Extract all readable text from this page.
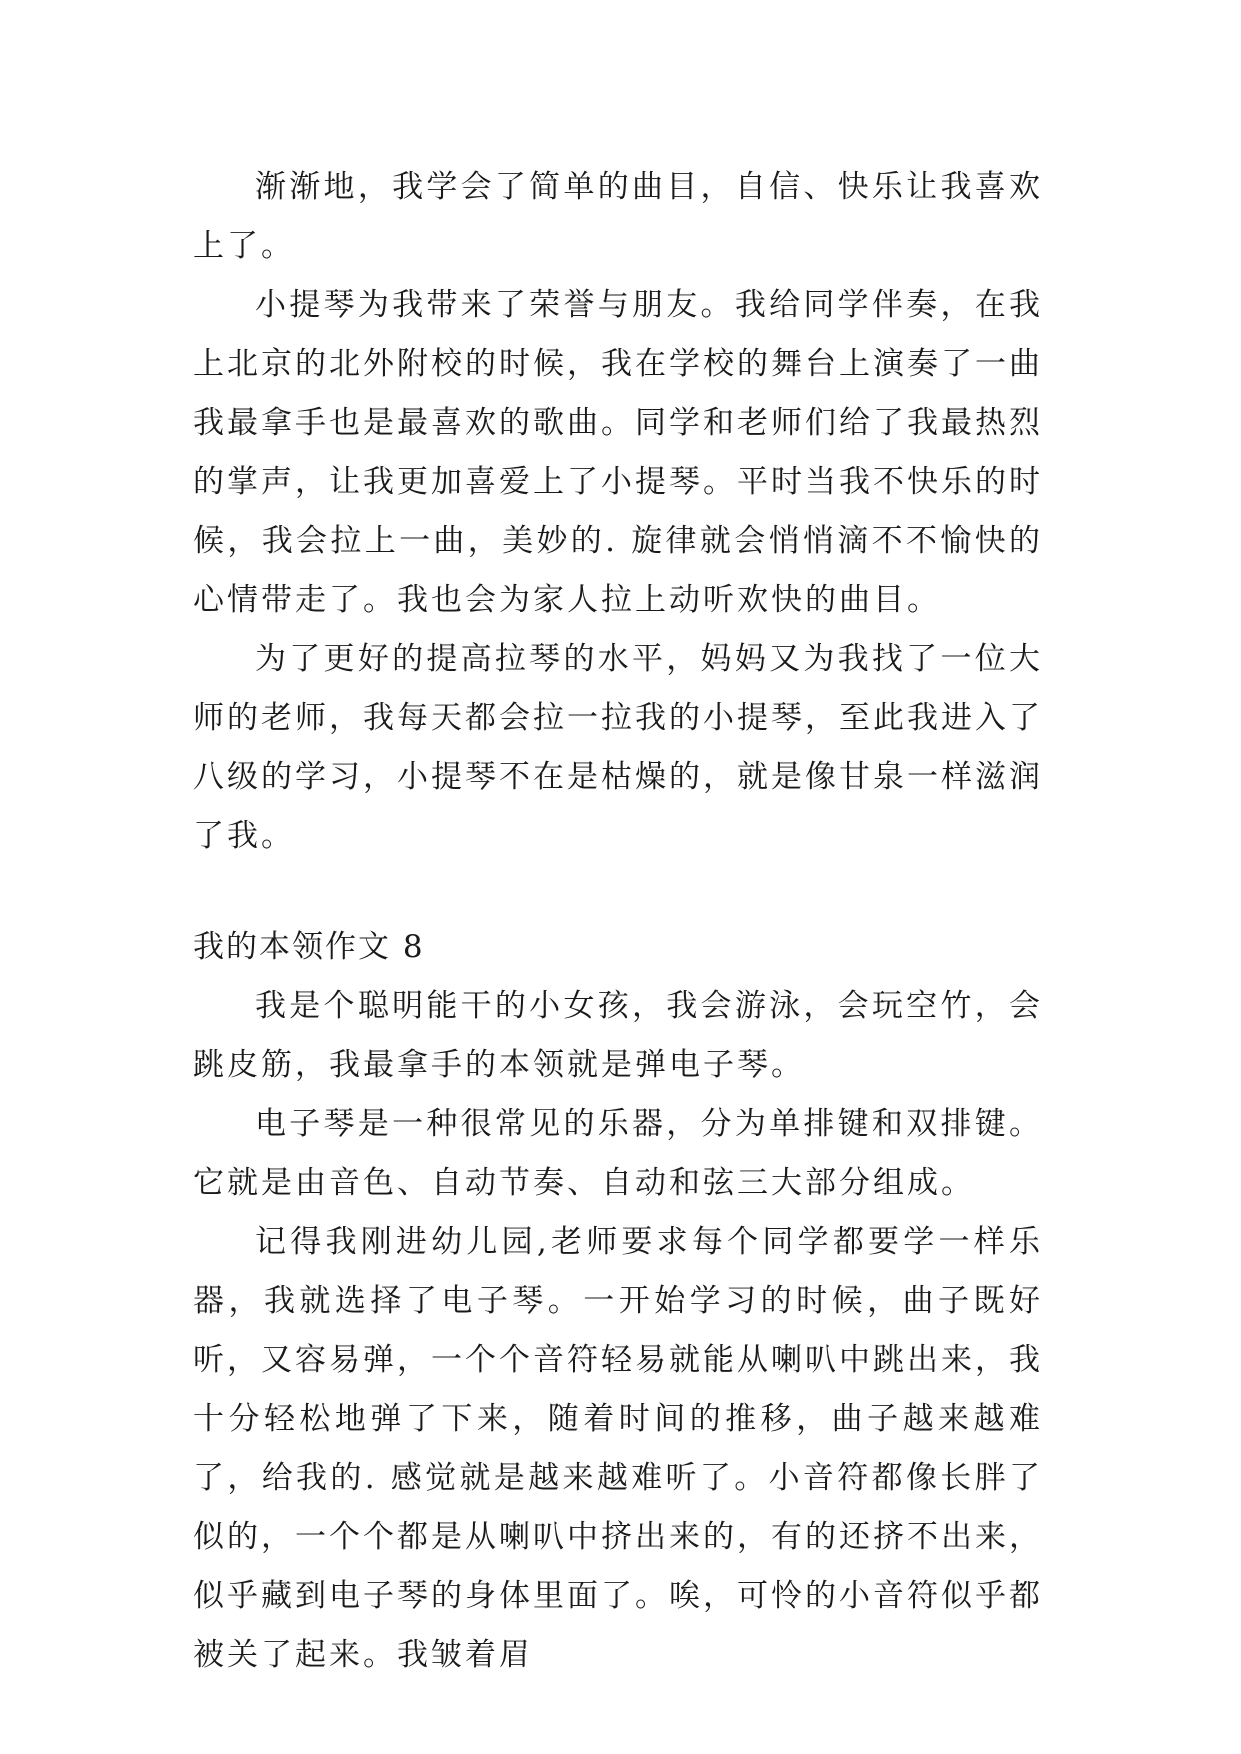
渐渐地，我学会了简单的曲目，自信、快乐让我喜欢上了。

小提琴为我带来了荣誉与朋友。我给同学伴奏，在我上北京的北外附校的时候，我在学校的舞台上演奏了一曲我最拿手也是最喜欢的歌曲。同学和老师们给了我最热烈的掌声，让我更加喜爱上了小提琴。平时当我不快乐的时候，我会拉上一曲，美妙的. 旋律就会悄悄滴不不愉快的心情带走了。我也会为家人拉上动听欢快的曲目。

为了更好的提高拉琴的水平，妈妈又为我找了一位大师的老师，我每天都会拉一拉我的小提琴，至此我进入了八级的学习，小提琴不在是枯燥的，就是像甘泉一样滋润了我。

我的本领作文 8

我是个聪明能干的小女孩，我会游泳，会玩空竹，会跳皮筋，我最拿手的本领就是弹电子琴。

电子琴是一种很常见的乐器，分为单排键和双排键。它就是由音色、自动节奏、自动和弦三大部分组成。

记得我刚进幼儿园,老师要求每个同学都要学一样乐器，我就选择了电子琴。一开始学习的时候，曲子既好听，又容易弹，一个个音符轻易就能从喇叭中跳出来，我十分轻松地弹了下来，随着时间的推移，曲子越来越难了，给我的. 感觉就是越来越难听了。小音符都像长胖了似的，一个个都是从喇叭中挤出来的，有的还挤不出来，似乎藏到电子琴的身体里面了。唉，可怜的小音符似乎都被关了起来。我皱着眉
